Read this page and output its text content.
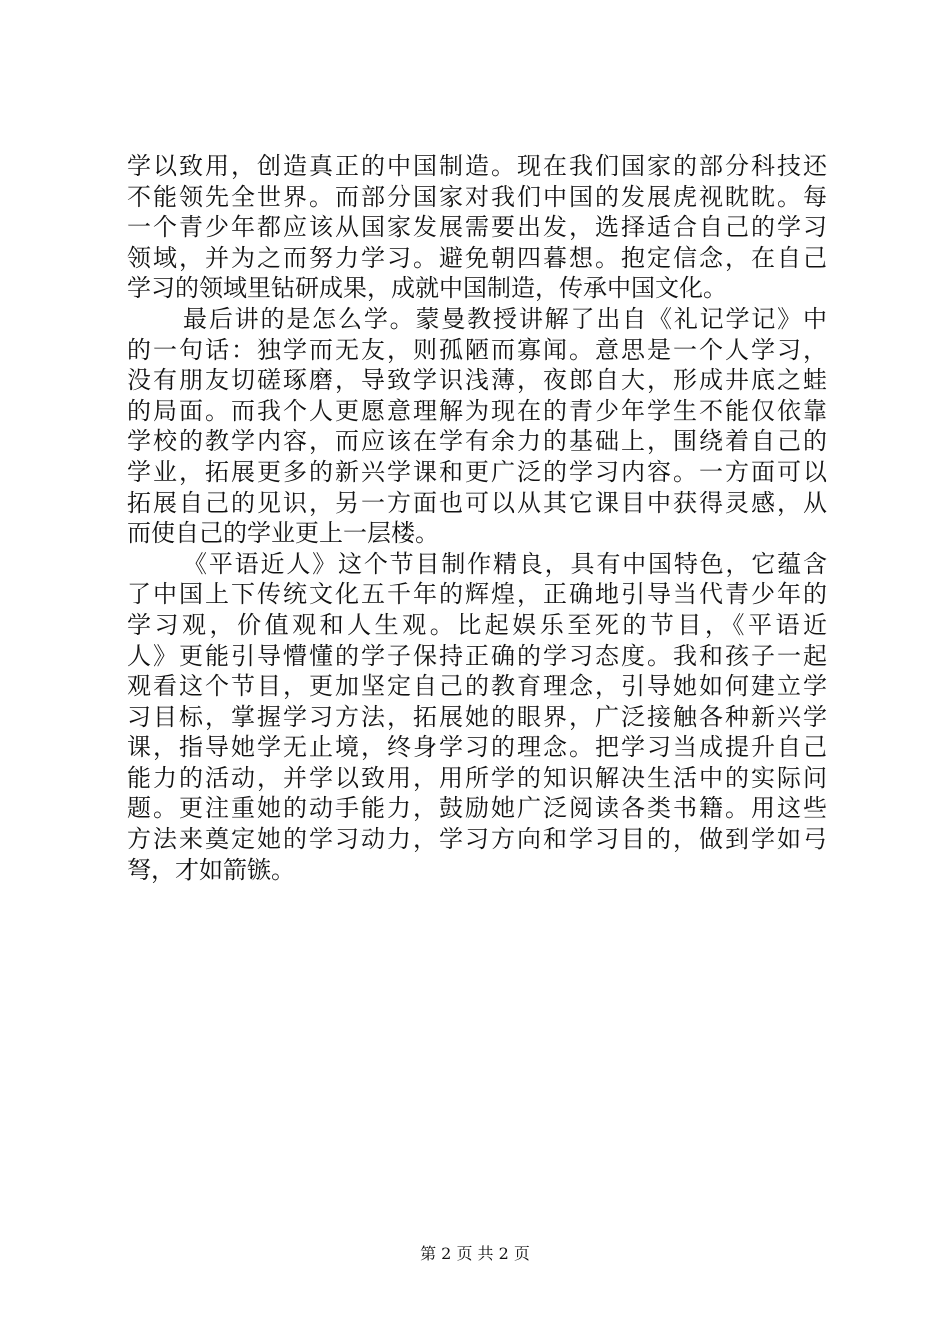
学以致用，创造真正的中国制造。现在我们国家的部分科技还
不能领先全世界。而部分国家对我们中国的发展虎视眈眈。每
一个青少年都应该从国家发展需要出发，选择适合自己的学习
领域，并为之而努力学习。避免朝四暮想。抱定信念，在自己
学习的领域里钻研成果，成就中国制造，传承中国文化。
最后讲的是怎么学。蒙曼教授讲解了出自《礼记学记》中
的一句话：独学而无友，则孤陋而寡闻。意思是一个人学习，
没有朋友切磋琢磨，导致学识浅薄，夜郎自大，形成井底之蛙
的局面。而我个人更愿意理解为现在的青少年学生不能仅依靠
学校的教学内容，而应该在学有余力的基础上，围绕着自己的
学业，拓展更多的新兴学课和更广泛的学习内容。一方面可以
拓展自己的见识，另一方面也可以从其它课目中获得灵感，从
而使自己的学业更上一层楼。
《平语近人》这个节目制作精良，具有中国特色，它蕴含
了中国上下传统文化五千年的辉煌，正确地引导当代青少年的
学习观，价值观和人生观。比起娱乐至死的节目，《平语近
人》更能引导懵懂的学子保持正确的学习态度。我和孩子一起
观看这个节目，更加坚定自己的教育理念，引导她如何建立学
习目标，掌握学习方法，拓展她的眼界，广泛接触各种新兴学
课，指导她学无止境，终身学习的理念。把学习当成提升自己
能力的活动，并学以致用，用所学的知识解决生活中的实际问
题。更注重她的动手能力，鼓励她广泛阅读各类书籍。用这些
方法来奠定她的学习动力，学习方向和学习目的，做到学如弓
弩，才如箭镞。
第 2 页 共 2 页
